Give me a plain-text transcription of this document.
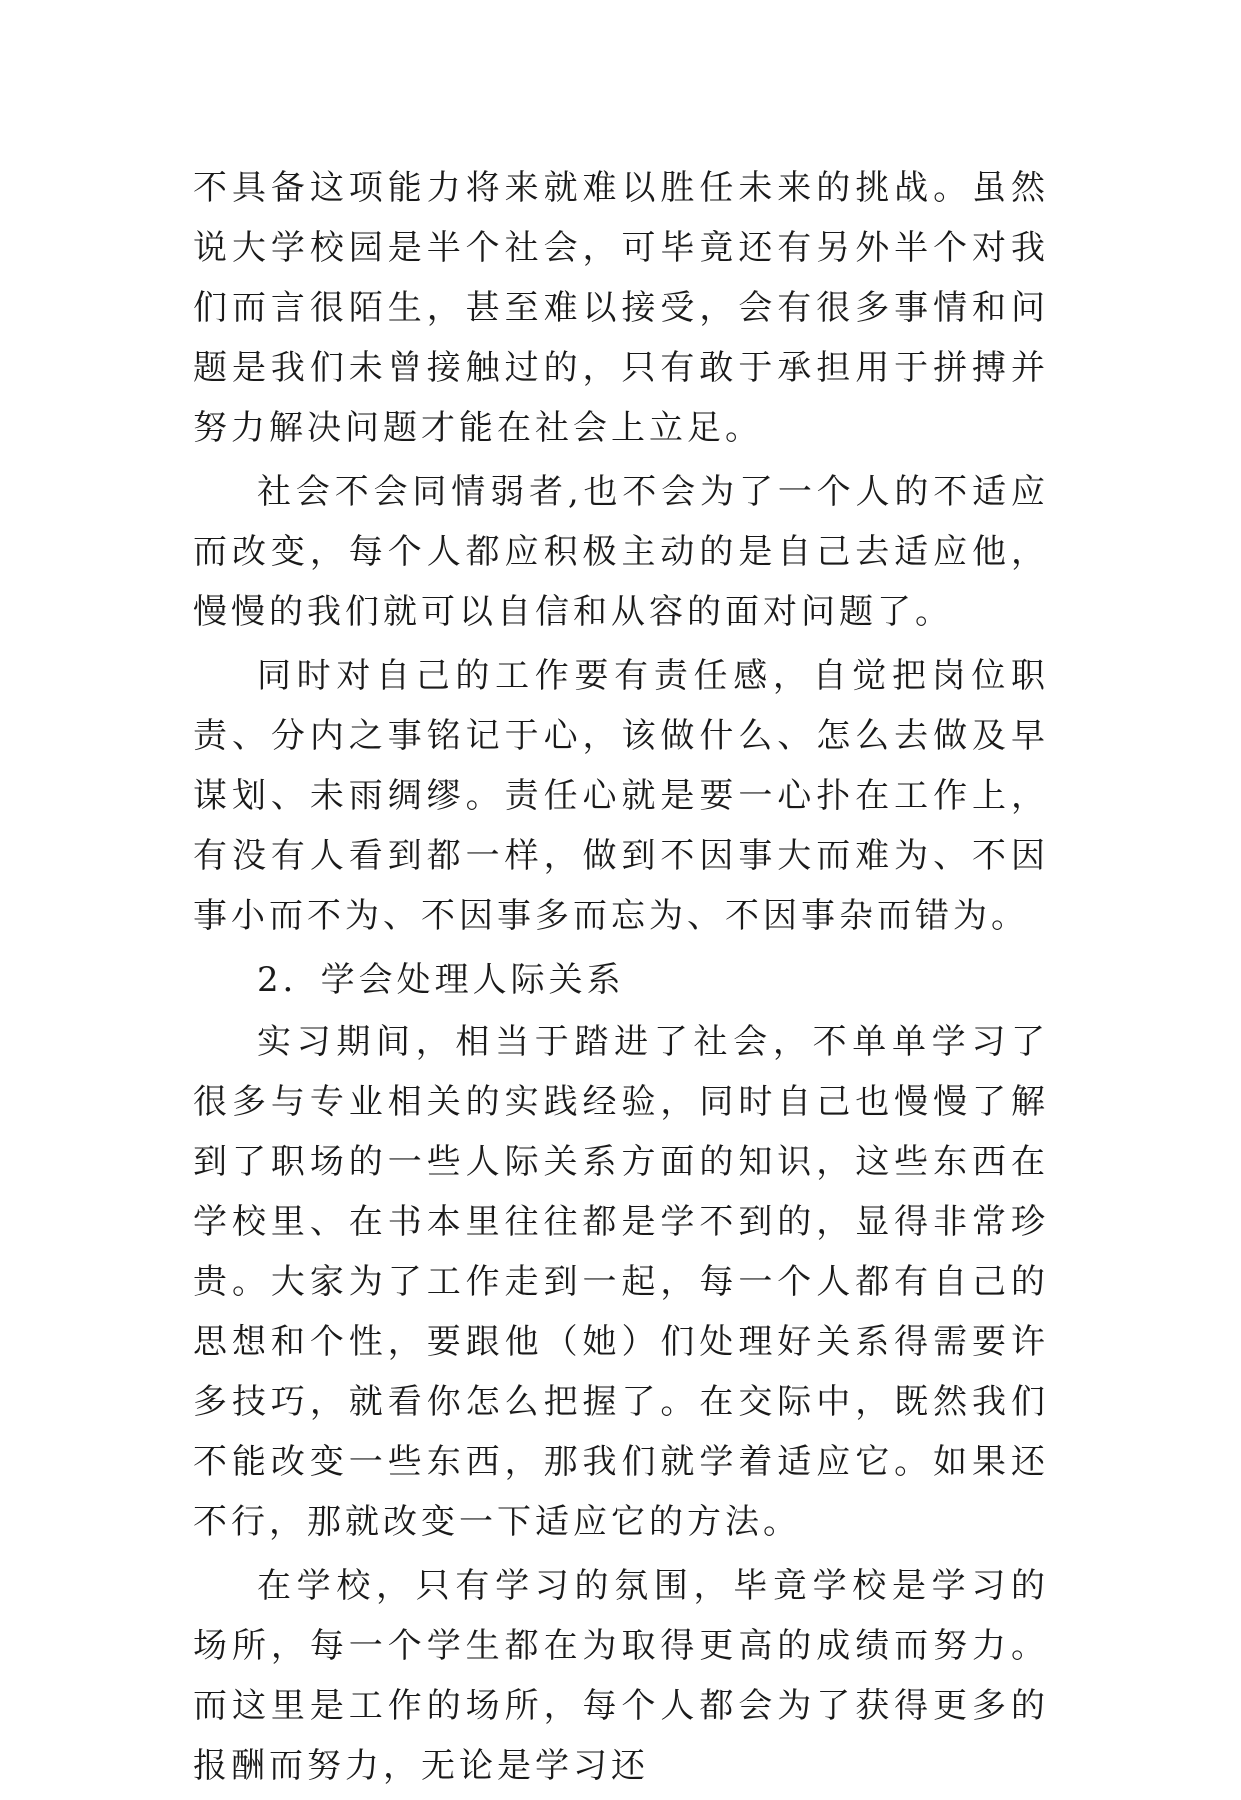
不具备这项能力将来就难以胜任未来的挑战。虽然说大学校园是半个社会，可毕竟还有另外半个对我们而言很陌生，甚至难以接受，会有很多事情和问题是我们未曾接触过的，只有敢于承担用于拼搏并努力解决问题才能在社会上立足。

社会不会同情弱者,也不会为了一个人的不适应而改变，每个人都应积极主动的是自己去适应他，慢慢的我们就可以自信和从容的面对问题了。

同时对自己的工作要有责任感，自觉把岗位职责、分内之事铭记于心，该做什么、怎么去做及早谋划、未雨绸缪。责任心就是要一心扑在工作上，有没有人看到都一样，做到不因事大而难为、不因事小而不为、不因事多而忘为、不因事杂而错为。

2．学会处理人际关系

实习期间，相当于踏进了社会，不单单学习了很多与专业相关的实践经验，同时自己也慢慢了解到了职场的一些人际关系方面的知识，这些东西在学校里、在书本里往往都是学不到的，显得非常珍贵。大家为了工作走到一起，每一个人都有自己的思想和个性，要跟他（她）们处理好关系得需要许多技巧，就看你怎么把握了。在交际中，既然我们不能改变一些东西，那我们就学着适应它。如果还不行，那就改变一下适应它的方法。

在学校，只有学习的氛围，毕竟学校是学习的场所，每一个学生都在为取得更高的成绩而努力。而这里是工作的场所，每个人都会为了获得更多的报酬而努力，无论是学习还
